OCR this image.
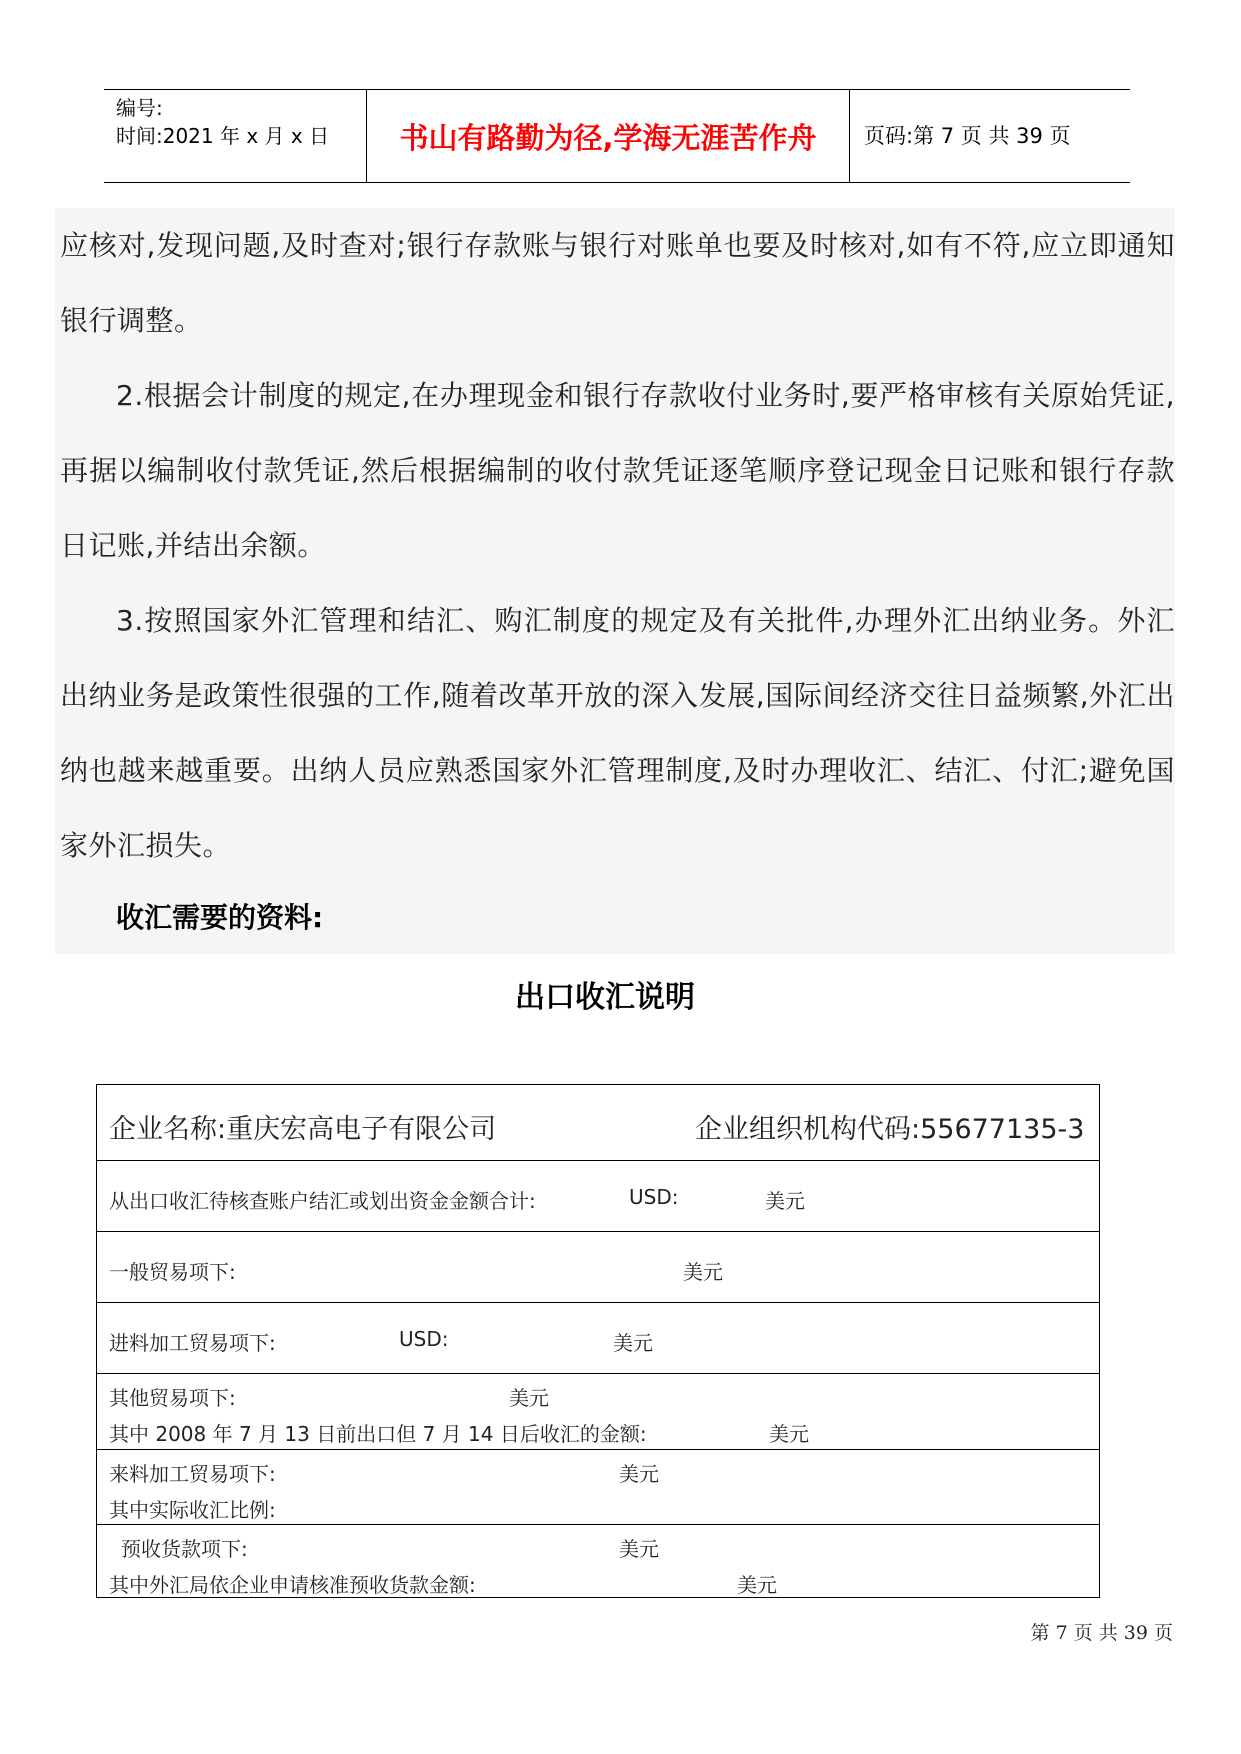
编号:
时间:2021 年 x 月 x 日	书山有路勤为径,学海无涯苦作舟	页码:第 7 页 共 39 页
应核对,发现问题,及时查对;银行存款账与银行对账单也要及时核对,如有不符,应立即通知银行调整。
2.根据会计制度的规定,在办理现金和银行存款收付业务时,要严格审核有关原始凭证,再据以编制收付款凭证,然后根据编制的收付款凭证逐笔顺序登记现金日记账和银行存款日记账,并结出余额。
3.按照国家外汇管理和结汇、购汇制度的规定及有关批件,办理外汇出纳业务。外汇出纳业务是政策性很强的工作,随着改革开放的深入发展,国际间经济交往日益频繁,外汇出纳也越来越重要。出纳人员应熟悉国家外汇管理制度,及时办理收汇、结汇、付汇;避免国家外汇损失。
收汇需要的资料:
出口收汇说明
企业名称:重庆宏高电子有限公司	企业组织机构代码:55677135-3
从出口收汇待核查账户结汇或划出资金金额合计:	USD:	美元
一般贸易项下:	美元
进料加工贸易项下:	USD:	美元
其他贸易项下:	美元
其中 2008 年 7 月 13 日前出口但 7 月 14 日后收汇的金额:	美元
来料加工贸易项下:	美元
其中实际收汇比例:
预收货款项下:	美元
其中外汇局依企业申请核准预收货款金额:	美元
第 7 页 共 39 页
